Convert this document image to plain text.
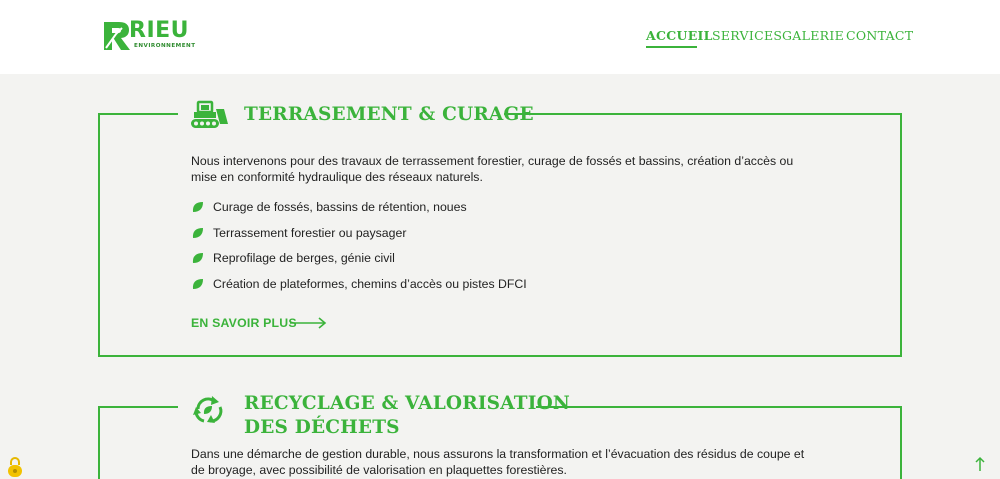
RIEU
ENVIRONNEMENT
ACCUEIL SERVICES GALERIE CONTACT
TERRASEMENT & CURAGE

Nous intervenons pour des travaux de terrassement forestier, curage de fossés et bassins, création d’accès ou mise en conformité hydraulique des réseaux naturels.

Curage de fossés, bassins de rétention, noues
Terrassement forestier ou paysager
Reprofilage de berges, génie civil
Création de plateformes, chemins d’accès ou pistes DFCI
EN SAVOIR PLUS
RECYCLAGE & VALORISATION
DES DÉCHETS

Dans une démarche de gestion durable, nous assurons la transformation et l’évacuation des résidus de coupe et de broyage, avec possibilité de valorisation en plaquettes forestières.
